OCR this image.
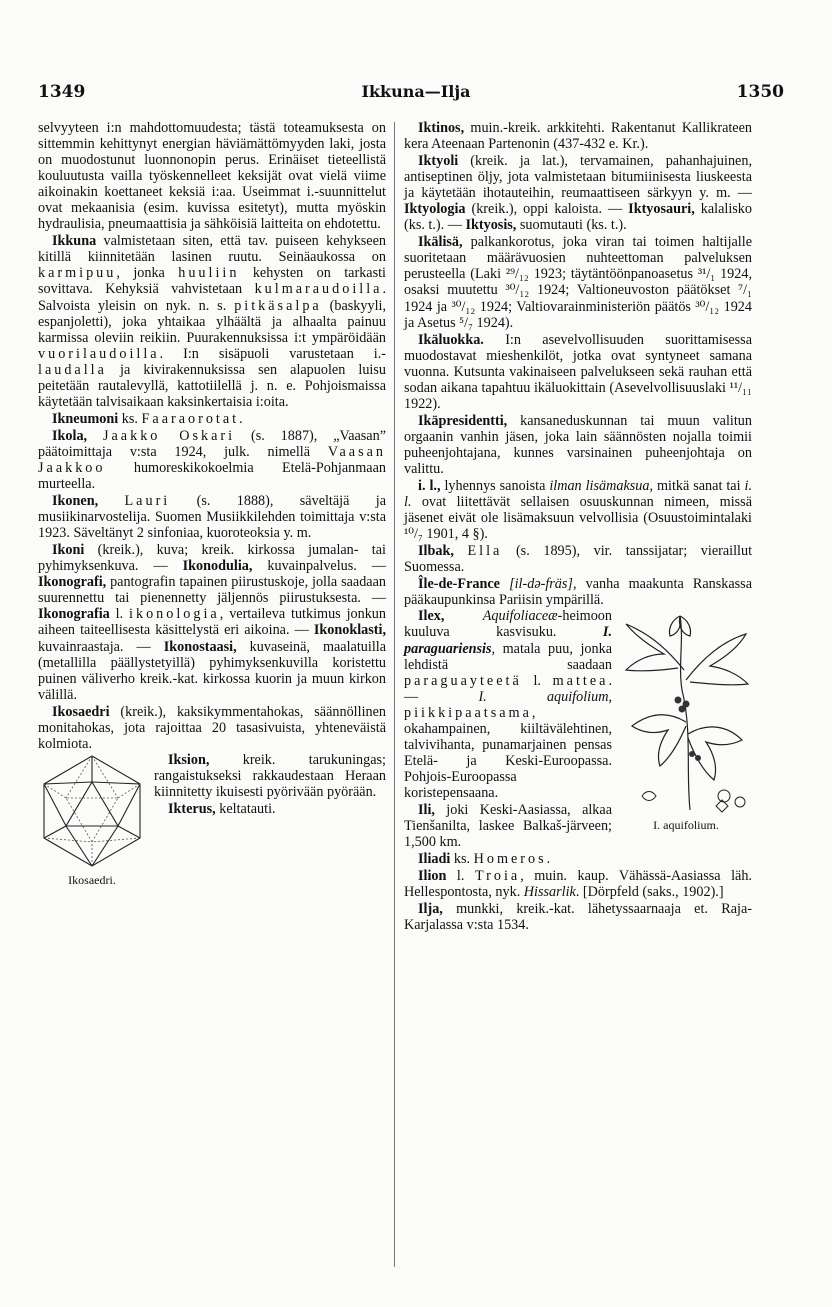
1349	Ikkuna—Ilja	1350

selvyyteen i:n mahdottomuudesta; tästä toteamuksesta on sittemmin kehittynyt energian häviämättömyyden laki, josta on muodostunut luonnonopin perus. Erinäiset tieteellistä kouluutusta vailla työskennelleet keksijät ovat vielä viime aikoinakin koettaneet keksiä i:aa. Useimmat i.-suunnittelut ovat mekaanisia (esim. kuvissa esitetyt), mutta myöskin hydraulisia, pneumaattisia ja sähköisiä laitteita on ehdotettu.

Ikkuna valmistetaan siten, että tav. puiseen kehykseen kitillä kiinnitetään lasinen ruutu. Seinäaukossa on karmipuu, jonka huuliin kehysten on tarkasti sovittava. Kehyksiä vahvistetaan kulmaraudoilla. Salvoista yleisin on nyk. n. s. pitkäsalpa (baskyyli, espanjoletti), joka yhtaikaa ylhäältä ja alhaalta painuu karmissa oleviin reikiin. Puurakennuksissa i:t ympäröidään vuorilaudoilla. I:n sisäpuoli varustetaan i.-laudalla ja kivirakennuksissa sen alapuolen luisu peitetään rautalevyllä, kattotiilellä j. n. e. Pohjoismaissa käytetään talvisaikaan kaksinkertaisia i:oita.

Ikneumoni ks. Faaraorotat.

Ikola, Jaakko Oskari (s. 1887), „Vaasan” päätoimittaja v:sta 1924, julk. nimellä Vaasan Jaakkoo humoreskikokoelmia Etelä-Pohjanmaan murteella.

Ikonen, Lauri (s. 1888), säveltäjä ja musiikinarvostelija. Suomen Musiikkilehden toimittaja v:sta 1923. Säveltänyt 2 sinfoniaa, kuoroteoksia y. m.

Ikoni (kreik.), kuva; kreik. kirkossa jumalan- tai pyhimyksenkuva. — Ikonodulia, kuvainpalvelus. — Ikonografi, pantografin tapainen piirustuskoje, jolla saadaan suurennettu tai pienennetty jäljennös piirustuksesta. — Ikonografia l. ikonologia, vertaileva tutkimus jonkun aiheen taiteellisesta käsittelystä eri aikoina. — Ikonoklasti, kuvainraastaja. — Ikonostaasi, kuvaseinä, maalatuilla (metallilla päällystetyillä) pyhimyksenkuvilla koristettu puinen väliverho kreik.-kat. kirkossa kuorin ja muun kirkon välillä.

Ikosaedri (kreik.), kaksikymmentahokas, säännöllinen monitahokas, jota rajoittaa 20 tasasivuista, yhteneväistä kolmiota.

Ikosaedri.

Iksion, kreik. tarukuningas; rangaistukseksi rakkaudestaan Heraan kiinnitetty ikuisesti pyörivään pyörään.

Ikterus, keltatauti.

Iktinos, muin.-kreik. arkkitehti. Rakentanut Kallikrateen kera Ateenaan Partenonin (437-432 e. Kr.).

Iktyoli (kreik. ja lat.), tervamainen, pahanhajuinen, antiseptinen öljy, jota valmistetaan bitumiinisesta liuskeesta ja käytetään ihotauteihin, reumaattiseen särkyyn y. m. — Iktyologia (kreik.), oppi kaloista. — Iktyosauri, kalalisko (ks. t.). — Iktyosis, suomutauti (ks. t.).

Ikälisä, palkankorotus, joka viran tai toimen haltijalle suoritetaan määrävuosien nuhteettoman palveluksen perusteella (Laki ²⁹/₁₂ 1923; täytäntöönpanoasetus ³¹/₁ 1924, osaksi muutettu ³⁰/₁₂ 1924; Valtioneuvoston päätökset ⁷/₁ 1924 ja ³⁰/₁₂ 1924; Valtiovarainministeriön päätös ³⁰/₁₂ 1924 ja Asetus ⁵/₇ 1924).

Ikäluokka. I:n asevelvollisuuden suorittamisessa muodostavat mieshenkilöt, jotka ovat syntyneet samana vuonna. Kutsunta vakinaiseen palvelukseen sekä rauhan että sodan aikana tapahtuu ikäluokittain (Asevelvollisuuslaki ¹¹/₁₁ 1922).

Ikäpresidentti, kansaneduskunnan tai muun valitun orgaanin vanhin jäsen, joka lain säännösten nojalla toimii puheenjohtajana, kunnes varsinainen puheenjohtaja on valittu.

i. l., lyhennys sanoista ilman lisämaksua, mitkä sanat tai i. l. ovat liitettävät sellaisen osuuskunnan nimeen, missä jäsenet eivät ole lisämaksuun velvollisia (Osuustoimintalaki ¹⁰/₇ 1901, 4 §).

Ilbak, Ella (s. 1895), vir. tanssijatar; vieraillut Suomessa.

Île-de-France [il-də-fräs], vanha maakunta Ranskassa pääkaupunkinsa Pariisin ympärillä.

I. aquifolium.

Ilex,	Aquifoliaceæ-heimoon kuuluva kasvisuku. I. paraguariensis, matala puu, jonka lehdistä saadaan paraguayteetä l. mattea. — I. aquifolium, piikkipaatsama, okahampainen, kiiltävälehtinen, talvivihanta, punamarjainen pensas Etelä- ja Keski-Euroopassa. Pohjois-Euroopassa koristepensaana.

Ili, joki Keski-Aasiassa, alkaa Tienšanilta, laskee Balkaš-järveen; 1,500 km.

Iliadi ks. Homeros.

Ilion l. Troia, muin. kaup. Vähässä-Aasiassa läh. Hellespontosta, nyk. Hissarlik. [Dörpfeld (saks., 1902).]

Ilja, munkki, kreik.-kat. lähetyssaarnaaja et. Raja-Karjalassa v:sta 1534.
